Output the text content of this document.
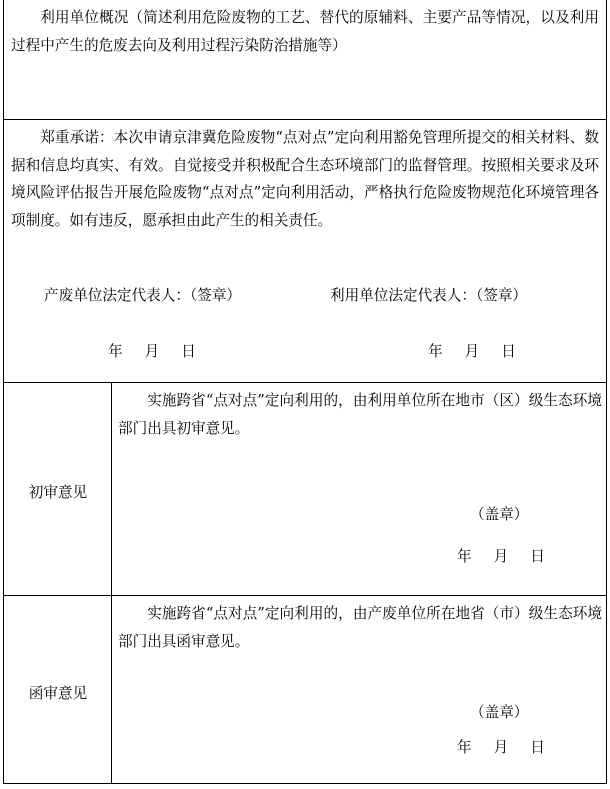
利用单位概况（简述利用危险废物的工艺、替代的原辅料、主要产品等情况，以及利用过程中产生的危废去向及利用过程污染防治措施等）

郑重承诺：本次申请京津冀危险废物“点对点”定向利用豁免管理所提交的相关材料、数据和信息均真实、有效。自觉接受并积极配合生态环境部门的监督管理。按照相关要求及环境风险评估报告开展危险废物“点对点”定向利用活动，严格执行危险废物规范化环境管理各项制度。如有违反，愿承担由此产生的相关责任。

产废单位法定代表人：（签章）	利用单位法定代表人：（签章）
年 月 日	年 月 日
初审意见

实施跨省“点对点”定向利用的，由利用单位所在地市（区）级生态环境部门出具初审意见。

（盖章）
年 月 日
函审意见

实施跨省“点对点”定向利用的，由产废单位所在地省（市）级生态环境部门出具函审意见。

（盖章）
年 月 日
